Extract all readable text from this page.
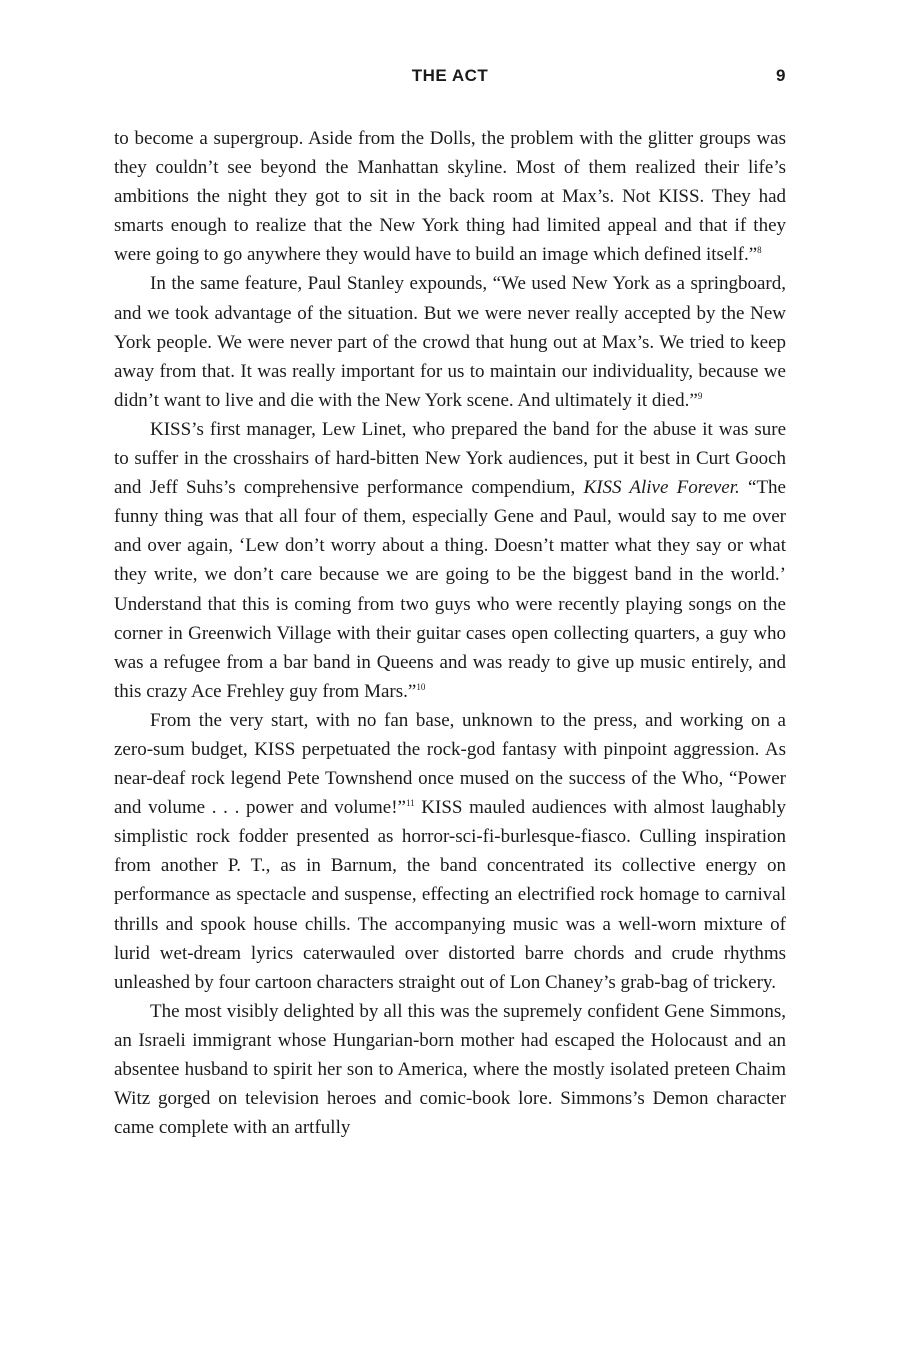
THE ACT	9

to become a supergroup. Aside from the Dolls, the problem with the glitter groups was they couldn’t see beyond the Manhattan skyline. Most of them realized their life’s ambitions the night they got to sit in the back room at Max’s. Not KISS. They had smarts enough to realize that the New York thing had limited appeal and that if they were going to go anywhere they would have to build an image which defined itself.”$^8$

In the same feature, Paul Stanley expounds, “We used New York as a springboard, and we took advantage of the situation. But we were never really accepted by the New York people. We were never part of the crowd that hung out at Max’s. We tried to keep away from that. It was really important for us to maintain our individuality, because we didn’t want to live and die with the New York scene. And ultimately it died.”$^9$

KISS’s first manager, Lew Linet, who prepared the band for the abuse it was sure to suffer in the crosshairs of hard-bitten New York audiences, put it best in Curt Gooch and Jeff Suhs’s comprehensive performance compendium, KISS Alive Forever. “The funny thing was that all four of them, especially Gene and Paul, would say to me over and over again, ‘Lew don’t worry about a thing. Doesn’t matter what they say or what they write, we don’t care because we are going to be the biggest band in the world.’ Understand that this is coming from two guys who were recently playing songs on the corner in Greenwich Village with their guitar cases open collecting quarters, a guy who was a refugee from a bar band in Queens and was ready to give up music entirely, and this crazy Ace Frehley guy from Mars.”$^{10}$

From the very start, with no fan base, unknown to the press, and working on a zero-sum budget, KISS perpetuated the rock-god fantasy with pinpoint aggression. As near-deaf rock legend Pete Townshend once mused on the success of the Who, “Power and volume . . . power and volume!”$^{11}$ KISS mauled audiences with almost laughably simplistic rock fodder presented as horror-sci-fi-burlesque-fiasco. Culling inspiration from another P. T., as in Barnum, the band concentrated its collective energy on performance as spectacle and suspense, effecting an electrified rock homage to carnival thrills and spook house chills. The accompanying music was a well-worn mixture of lurid wet-dream lyrics caterwauled over distorted barre chords and crude rhythms unleashed by four cartoon characters straight out of Lon Chaney’s grab-bag of trickery.

The most visibly delighted by all this was the supremely confident Gene Simmons, an Israeli immigrant whose Hungarian-born mother had escaped the Holocaust and an absentee husband to spirit her son to America, where the mostly isolated preteen Chaim Witz gorged on television heroes and comic-book lore. Simmons’s Demon character came complete with an artfully
